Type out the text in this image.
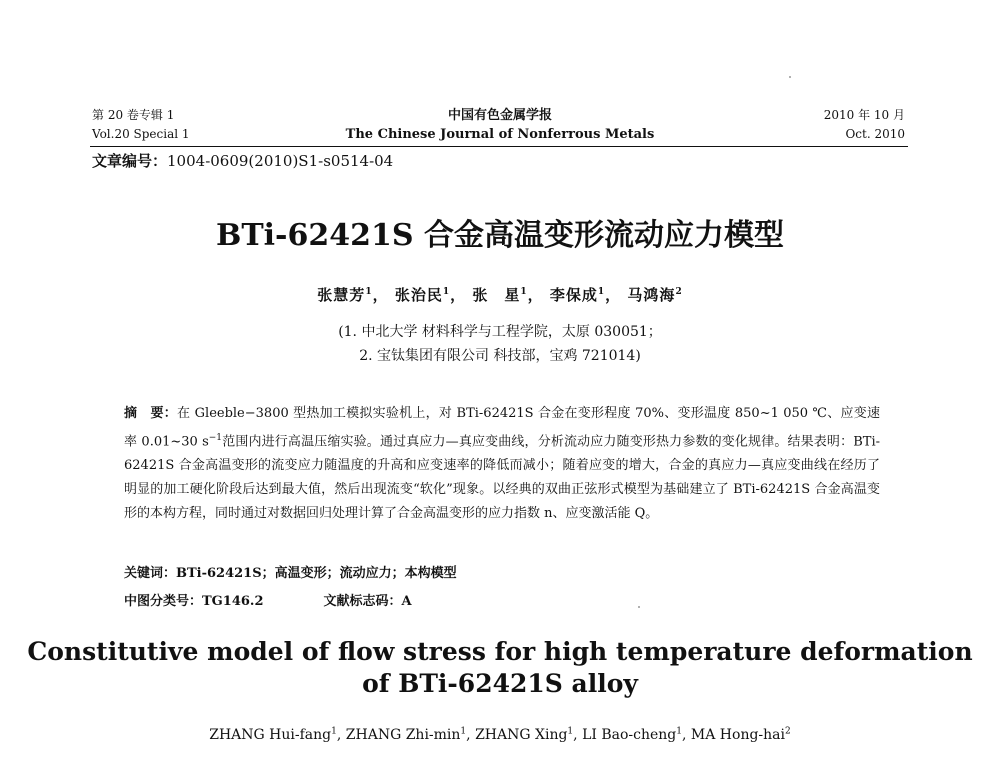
第 20 卷专辑 1
Vol.20 Special 1
中国有色金属学报
The Chinese Journal of Nonferrous Metals
2010 年 10 月
Oct. 2010
文章编号：1004-0609(2010)S1-s0514-04
BTi-62421S 合金高温变形流动应力模型
张慧芳$^1$， 张治民$^1$， 张　星$^1$， 李保成$^1$， 马鸿海$^2$
(1. 中北大学 材料科学与工程学院，太原 030051；
2. 宝钛集团有限公司 科技部，宝鸡 721014)
摘　要：在 Gleeble−3800 型热加工模拟实验机上，对 BTi-62421S 合金在变形程度 70%、变形温度 850~1 050 ℃、应变速率 0.01~30 $s^{-1}$范围内进行高温压缩实验。通过真应力—真应变曲线，分析流动应力随变形热力参数的变化规律。结果表明：BTi-62421S 合金高温变形的流变应力随温度的升高和应变速率的降低而减小；随着应变的增大，合金的真应力—真应变曲线在经历了明显的加工硬化阶段后达到最大值，然后出现流变“软化”现象。以经典的双曲正弦形式模型为基础建立了 BTi-62421S 合金高温变形的本构方程，同时通过对数据回归处理计算了合金高温变形的应力指数 n、应变激活能 Q。
关键词：BTi-62421S；高温变形；流动应力；本构模型
中图分类号：TG146.2	文献标志码：A
Constitutive model of flow stress for high temperature deformation
of BTi-62421S alloy
ZHANG Hui-fang$^1$, ZHANG Zhi-$\min^1$, ZHANG Xing$^1$, LI Bao-cheng$^1$, MA Hong-hai$^2$
